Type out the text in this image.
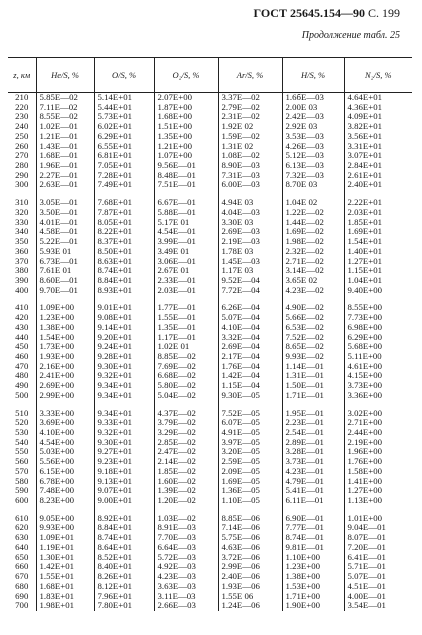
ГОСТ 25645.154—90 С. 199
Продолжение табл. 25
z, км	He/S, %	O/S, %	O₂/S, %	Ar/S, %	H/S, %	N₂/S, %
210	5.85E—02	5.14E+01	2.07E+00	3.37E—02	1.6бЕ—03	4.64E+01
220	7.11E—02	5.44E+01	1.87E+00	2.79E—02	2.00E 03	4.36E+01
230	8.55E—02	5.73E+01	1.68E+00	2.31E—02	2.42E—03	4.09E+01
240	1.02E—01	6.02E+01	1.51E+00	1.92E 02	2.92E 03	3.82E+01
250	1.21E—01	6.29E+01	1.35E+00	1.59E—02	3.53E—03	3.56E+01
260	1.43E—01	6.55E+01	1.21E+00	1.31E 02	4.26E—03	3.31E+01
270	1.68E—01	6.81E+01	1.07E+00	1.08E—02	5.12E—03	3.07E+01
280	1.96E—01	7.05E+01	9.56E—01	8.90E—03	6.13E—03	2.84E+01
290	2.27E—01	7.28E+01	8.48E—01	7.31E—03	7.32E—03	2.61E+01
300	2.63E—01	7.49E+01	7.51E—01	6.00E—03	8.70E 03	2.40E+01

310	3.05E—01	7.68E+01	6.67E—01	4.94E 03	1.04E 02	2.22E+01
320	3.50E—01	7.87E+01	5.88E—01	4.04E—03	1.22E—02	2.03E+01
330	4.01E—01	8.05E+01	5.17E 01	3.30E 03	1.44E—02	1.85E+01
340	4.58E—01	8.22E+01	4.54E—01	2.69E—03	1.69E—02	1.69E+01
350	5.22E—01	8.37E+01	3.99E—01	2.19E—03	1.98E—02	1.54E+01
360	5.93E 01	8.50E+01	3.49E 01	1.78E 03	2.32E—02	1.40E+01
370	6.73E—01	8.63E+01	3.06E—01	1.45E—03	2.71E—02	1.27E+01
380	7.61E 01	8.74E+01	2.67E 01	1.17E 03	3.14E—02	1.15E+01
390	8.60E—01	8.84E+01	2.33E—01	9.52E—04	3.65E 02	1.04E+01
400	9.70E—01	8.93E+01	2.03E—01	7.72E—04	4.23E—02	9.40E+00

410	1.09E+00	9.01E+01	1.77E—01	6.26E—04	4.90E—02	8.55E+00
420	1.23E+00	9.08E+01	1.55E—01	5.07E—04	5.66E—02	7.73E+00
430	1.38E+00	9.14E+01	1.35E—01	4.10E—04	6.53E—02	6.98E+00
440	1.54E+00	9.20E+01	1.17E—01	3.32E—04	7.52E—02	6.29E+00
450	1.73E+00	9.24E+01	1.02E 01	2.69E—04	8.65E—02	5.68E+00
460	1.93E+00	9.28E+01	8.85E—02	2.17E—04	9.93E—02	5.11E+00
470	2.16E+00	9.30E+01	7.69E—02	1.76E—04	1.14E—01	4.61E+00
480	2.41E+00	9.32E+01	6.68E—02	1.42E—04	1.31E—01	4.15E+00
490	2.69E+00	9.34E+01	5.80E—02	1.15E—04	1.50E—01	3.73E+00
500	2.99E+00	9.34E+01	5.04E—02	9.30E—05	1.71E—01	3.36E+00

510	3.33E+00	9.34E+01	4.37E—02	7.52E—05	1.95E—01	3.02E+00
520	3.69E+00	9.33E+01	3.79E—02	6.07E—05	2.23E—01	2.71E+00
530	4.10E+00	9.32E+01	3.29E—02	4.91E—05	2.54E—01	2.44E+00
540	4.54E+00	9.30E+01	2.85E—02	3.97E—05	2.89E—01	2.19E+00
550	5.03E+00	9.27E+01	2.47E—02	3.20E—05	3.28E—01	1.96E+00
560	5.56E+00	9.23E+01	2.14E—02	2.59E—05	3.73E—01	1.76E+00
570	6.15E+00	9.18E+01	1.85E—02	2.09E—05	4.23E—01	1.58E+00
580	6.78E+00	9.13E+01	1.60E—02	1.69E—05	4.79E—01	1.41E+00
590	7.48E+00	9.07E+01	1.39E—02	1.36E—05	5.41E—01	1.27E+00
600	8.23E+00	9.00E+01	1.20E—02	1.10E—05	6.11E—01	1.13E+00

610	9.05E+00	8.92E+01	1.03E—02	8.85E—06	6.90E—01	1.01E+00
620	9.93E+00	8.84E+01	8.91E—03	7.14E—06	7.77E—01	9.04E—01
630	1.09E+01	8.74E+01	7.70E—03	5.75E—06	8.74E—01	8.07E—01
640	1.19E+01	8.64E+01	6.64E—03	4.63E—06	9.81E—01	7.20E—01
650	1.30E+01	8.52E+01	5.72E—03	3.72E—06	1.10E+00	6.41E—01
660	1.42E+01	8.40E+01	4.92E—03	2.99E—06	1.23E+00	5.71E—01
670	1.55E+01	8.26E+01	4.23E—03	2.40E—06	1.38E+00	5.07E—01
680	1.68E+01	8.12E+01	3.63E—03	1.93E—06	1.53E+00	4.51E—01
690	1.83E+01	7.96E+01	3.11E—03	1.55E 06	1.71E+00	4.00E—01
700	1.98E+01	7.80E+01	2.66E—03	1.24E—06	1.90E+00	3.54E—01
